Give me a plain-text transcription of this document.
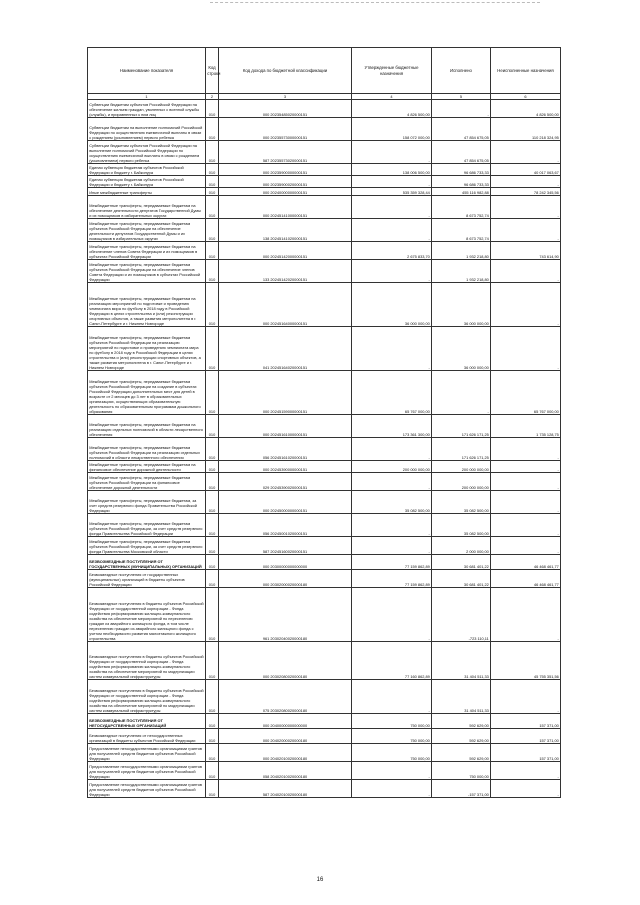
Наименование показателя	Код строки	Код дохода по бюджетной классификации	Утвержденные бюджетные назначения	Исполнено	Неисполненные назначения
1	2	3	4	5	6
Субвенции бюджетам субъектов Российской Федерации на обеспечение жильем граждан, уволенных с военной службы (службы), и приравненных к ним лиц	010	000 20235485020000151	4 826 500,00	-	4 826 500,00
Субвенции бюджетам на выполнение полномочий Российской Федерации по осуществлению ежемесячной выплаты в связи с рождением (усыновлением) первого ребенка	010	000 20235573000000151	158 072 000,00	47 854 675,05	110 218 324,95
Субвенции бюджетам субъектов Российской Федерации на выполнение полномочий Российской Федерации по осуществлению ежемесячной выплаты в связи с рождением (усыновлением) первого ребенка	010	587 20235573020000151	-	47 854 675,05	-
Единая субвенция бюджетам субъектов Российской Федерации и бюджету г. Байконура	010	000 20235900000000151	138 006 500,00	96 686 733,33	40 017 063,67
Единая субвенция бюджетам субъектов Российской Федерации и бюджету г. Байконура	010	000 20235900020000151	-	96 686 733,33	-
Иные межбюджетные трансферты	010	000 20240000000000151	535 359 328,44	455 116 982,88	78 242 345,56
Межбюджетные трансферты, передаваемые бюджетам на обеспечение деятельности депутатов Государственной Думы и их помощников в избирательных округах	010	000 20245141000000151	-	8 673 752,74	-
Межбюджетные трансферты, передаваемые бюджетам субъектов Российской Федерации на обеспечение деятельности депутатов Государственной Думы и их помощников в избирательных округах	010	138 20245141020000151	-	8 673 752,74	-
Межбюджетные трансферты, передаваемые бюджетам на обеспечение членов Совета Федерации и их помощников в субъектах Российской Федерации	010	000 20245142000000151	2 675 833,70	1 932 218,80	743 614,90
Межбюджетные трансферты, передаваемые бюджетам субъектов Российской Федерации на обеспечение членов Совета Федерации и их помощников в субъектах Российской Федерации	010	133 20245142020000151	-	1 932 218,80	-
Межбюджетные трансферты, передаваемые бюджетам на реализацию мероприятий по подготовке и проведению чемпионата мира по футболу в 2018 году в Российской Федерации в целях строительства и (или) реконструкции спортивных объектов, а также развития метрополитена в г. Санкт-Петербурге и г. Нижнем Новгороде	010	000 20245164000000151	36 000 000,00	36 000 000,00	-
Межбюджетные трансферты, передаваемые бюджетам субъектов Российской Федерации на реализацию мероприятий по подготовке и проведению чемпионата мира по футболу в 2018 году в Российской Федерации в целях строительства и (или) реконструкции спортивных объектов, а также развития метрополитена в г. Санкт-Петербурге и г. Нижнем Новгороде	010	041 20245164020000151	-	36 000 000,00	-
Межбюджетные трансферты, передаваемые бюджетам субъектов Российской Федерации на создание в субъектах Российской Федерации дополнительных мест для детей в возрасте от 2 месяцев до 3 лет в образовательных организациях, осуществляющих образовательную деятельность по образовательным программам дошкольного образования	010	000 20245159000000151	65 767 000,00	-	65 767 000,00
Межбюджетные трансферты, передаваемые бюджетам на реализацию отдельных полномочий в области лекарственного обеспечения	010	000 20245161000000151	173 361 300,00	171 626 171,25	1 735 128,75
Межбюджетные трансферты, передаваемые бюджетам субъектов Российской Федерации на реализацию отдельных полномочий в области лекарственного обеспечения	010	056 20245161020000151	-	171 626 171,25	-
Межбюджетные трансферты, передаваемые бюджетам на финансовое обеспечение дорожной деятельности	010	000 20245390000000151	200 000 000,00	200 000 000,00	-
Межбюджетные трансферты, передаваемые бюджетам субъектов Российской Федерации на финансовое обеспечение дорожной деятельности	010	029 20245390020000151	-	200 000 000,00	-
Межбюджетные трансферты, передаваемые бюджетам, за счет средств резервного фонда Правительства Российской Федерации	010	000 20245000000000151	35 082 500,00	35 082 500,00	-
Межбюджетные трансферты, передаваемые бюджетам субъектов Российской Федерации, за счет средств резервного фонда Правительства Российской Федерации	010	056 20245001020000151	-	35 082 500,00	-
Межбюджетные трансферты, передаваемые бюджетам субъектов Российской Федерации, за счет средств резервного фонда Правительства Московской области	010	587 20245160020000151	-	2 000 000,00	-
БЕЗВОЗМЕЗДНЫЕ ПОСТУПЛЕНИЯ ОТ ГОСУДАРСТВЕННЫХ (МУНИЦИПАЛЬНЫХ) ОРГАНИЗАЦИЙ	010	000 20300000000000000	77 159 862,89	30 681 401,22	46 468 461,77
Безвозмездные поступления от государственных (муниципальных) организаций в бюджеты субъектов Российской Федерации	010	000 20302000020000180	77 159 862,89	30 681 401,22	46 468 461,77
Безвозмездные поступления в бюджеты субъектов Российской Федерации от государственной корпорации - Фонда содействия реформированию жилищно-коммунального хозяйства на обеспечение мероприятий по переселению граждан из аварийного жилищного фонда, в том числе переселению граждан из аварийного жилищного фонда с учетом необходимости развития малоэтажного жилищного строительства	010	961 20302040020000180	-	-723 110,11	-
Безвозмездные поступления в бюджеты субъектов Российской Федерации от государственной корпорации - Фонда содействия реформированию жилищно-коммунального хозяйства на обеспечение мероприятий по модернизации систем коммунальной инфраструктуры	010	000 20302080020000180	77 160 862,89	31 404 511,33	45 755 351,56
Безвозмездные поступления в бюджеты субъектов Российской Федерации от государственной корпорации - Фонда содействия реформированию жилищно-коммунального хозяйства на обеспечение мероприятий по модернизации систем коммунальной инфраструктуры	010	075 20302080020000180	-	31 404 511,33	-
БЕЗВОЗМЕЗДНЫЕ ПОСТУПЛЕНИЯ ОТ НЕГОСУДАРСТВЕННЫХ ОРГАНИЗАЦИЙ	010	000 20400000000000000	750 000,00	592 629,00	157 371,00
Безвозмездные поступления от негосударственных организаций в бюджеты субъектов Российской Федерации	010	000 20402000020000180	750 000,00	592 629,00	157 371,00
Предоставление негосударственными организациями грантов для получателей средств бюджетов субъектов Российской Федерации	010	000 20402010020000180	750 000,00	592 629,00	157 371,00
Предоставление негосударственными организациями грантов для получателей средств бюджетов субъектов Российской Федерации	010	058 20402010020000180	-	750 000,00	-
Предоставление негосударственными организациями грантов для получателей средств бюджетов субъектов Российской Федерации	010	587 20402010020000180	-	-157 371,00	-
16
